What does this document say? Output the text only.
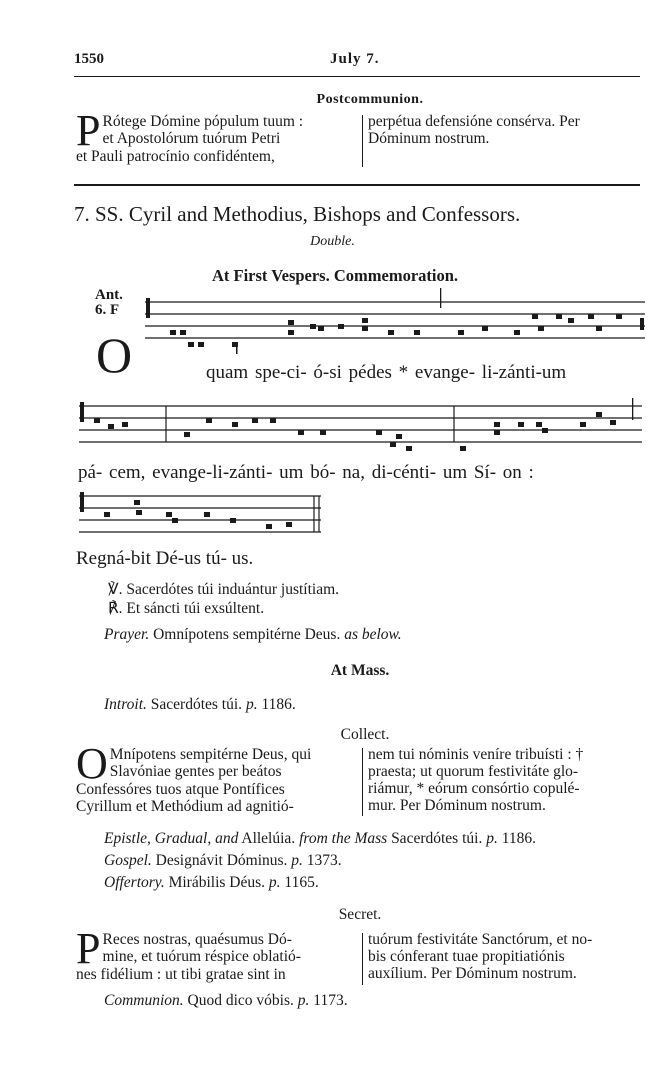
1550	July 7.
Postcommunion.
P Rótege Dómine pópulum tuum :

et Apostolórum tuórum Petri

et Pauli patrocínio confidéntem,

perpétua defensióne consérva. Per

Dóminum nostrum.

7. SS. Cyril and Methodius, Bishops and Confessors.
Double.
At First Vespers. Commemoration.
Ant.
6. F
O	quam spe-ci- ó-si pédes * evange- li-zánti-um
pá- cem, evange-li-zánti- um bó- na, di-cénti- um Sí- on :
Regná-bit Dé-us tú- us.
℣. Sacerdótes túi induántur justítiam.
℟. Et sáncti túi exsúltent.
Prayer. Omnípotens sempitérne Deus. as below.
At Mass.
Introit. Sacerdótes túi. p. 1186.
Collect.
O Mnípotens sempitérne Deus, qui

Slavóniae gentes per beátos

Confessóres tuos atque Pontífices

Cyrillum et Methódium ad agnitió-

nem tui nóminis veníre tribuísti : †

praesta; ut quorum festivitáte glo-

riámur, * eórum consórtio copulé-

mur. Per Dóminum nostrum.

Epistle, Gradual, and Allelúia. from the Mass Sacerdótes túi. p. 1186.
Gospel. Designávit Dóminus. p. 1373.
Offertory. Mirábilis Déus. p. 1165.
Secret.
P Reces nostras, quaésumus Dó-

mine, et tuórum réspice oblatió-

nes fidélium : ut tibi gratae sint in

tuórum festivitáte Sanctórum, et no-

bis cónferant tuae propitiatiónis

auxílium. Per Dóminum nostrum.

Communion. Quod dico vóbis. p. 1173.
